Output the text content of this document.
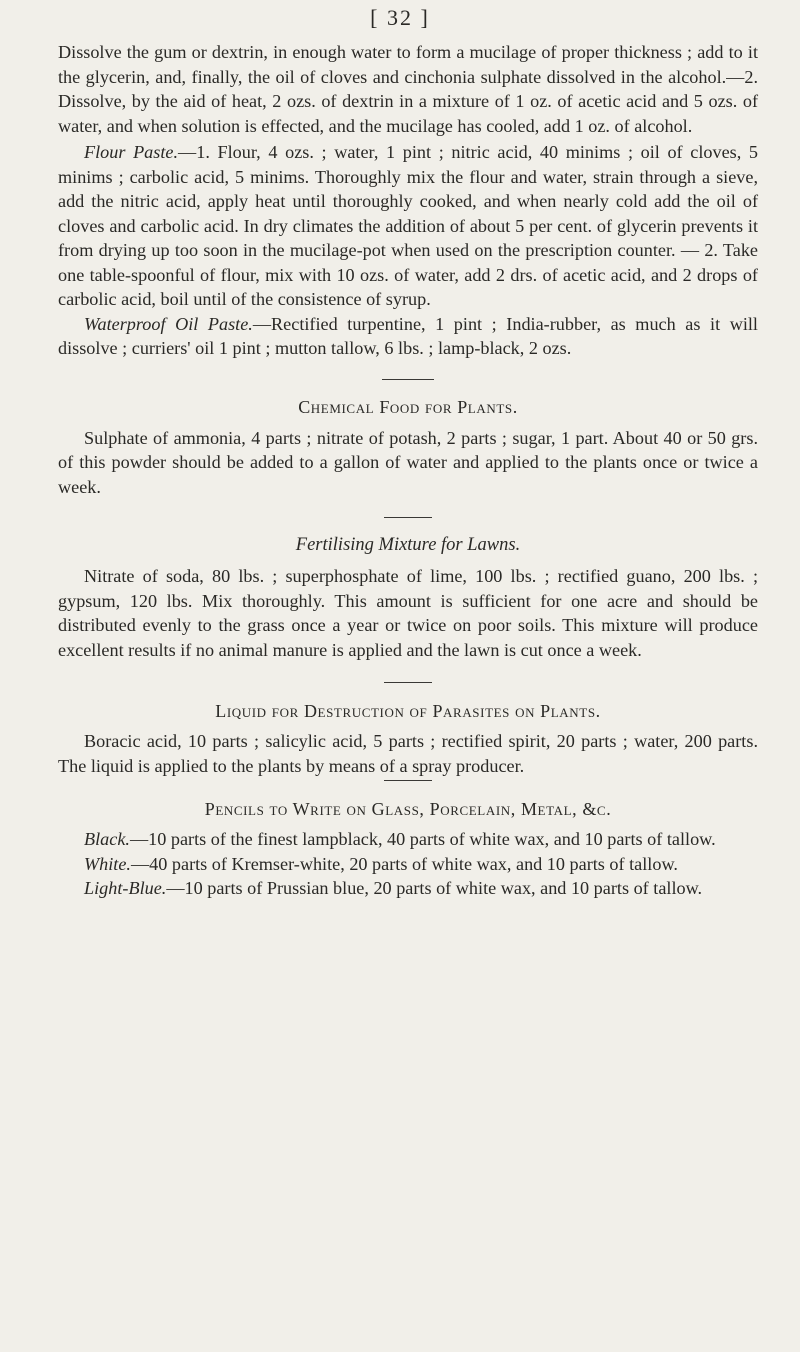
[ 32 ]

Dissolve the gum or dextrin, in enough water to form a mucilage of proper thickness ; add to it the glycerin, and, finally, the oil of cloves and cinchonia sulphate dissolved in the alcohol.—2. Dissolve, by the aid of heat, 2 ozs. of dextrin in a mixture of 1 oz. of acetic acid and 5 ozs. of water, and when solution is effected, and the mucilage has cooled, add 1 oz. of alcohol.

Flour Paste.—1. Flour, 4 ozs. ; water, 1 pint ; nitric acid, 40 minims ; oil of cloves, 5 minims ; carbolic acid, 5 minims. Thoroughly mix the flour and water, strain through a sieve, add the nitric acid, apply heat until thoroughly cooked, and when nearly cold add the oil of cloves and carbolic acid. In dry climates the addition of about 5 per cent. of glycerin prevents it from drying up too soon in the mucilage-pot when used on the prescription counter. — 2. Take one table-spoonful of flour, mix with 10 ozs. of water, add 2 drs. of acetic acid, and 2 drops of carbolic acid, boil until of the consistence of syrup.

Waterproof Oil Paste.—Rectified turpentine, 1 pint ; India-rubber, as much as it will dissolve ; curriers' oil 1 pint ; mutton tallow, 6 lbs. ; lamp-black, 2 ozs.

Chemical Food for Plants.

Sulphate of ammonia, 4 parts ; nitrate of potash, 2 parts ; sugar, 1 part. About 40 or 50 grs. of this powder should be added to a gallon of water and applied to the plants once or twice a week.

Fertilising Mixture for Lawns.

Nitrate of soda, 80 lbs. ; superphosphate of lime, 100 lbs. ; rectified guano, 200 lbs. ; gypsum, 120 lbs. Mix thoroughly. This amount is sufficient for one acre and should be distributed evenly to the grass once a year or twice on poor soils. This mixture will produce excellent results if no animal manure is applied and the lawn is cut once a week.

Liquid for Destruction of Parasites on Plants.

Boracic acid, 10 parts ; salicylic acid, 5 parts ; rectified spirit, 20 parts ; water, 200 parts. The liquid is applied to the plants by means of a spray producer.

Pencils to Write on Glass, Porcelain, Metal, &c.

Black.—10 parts of the finest lampblack, 40 parts of white wax, and 10 parts of tallow.

White.—40 parts of Kremser-white, 20 parts of white wax, and 10 parts of tallow.

Light-Blue.—10 parts of Prussian blue, 20 parts of white wax, and 10 parts of tallow.
